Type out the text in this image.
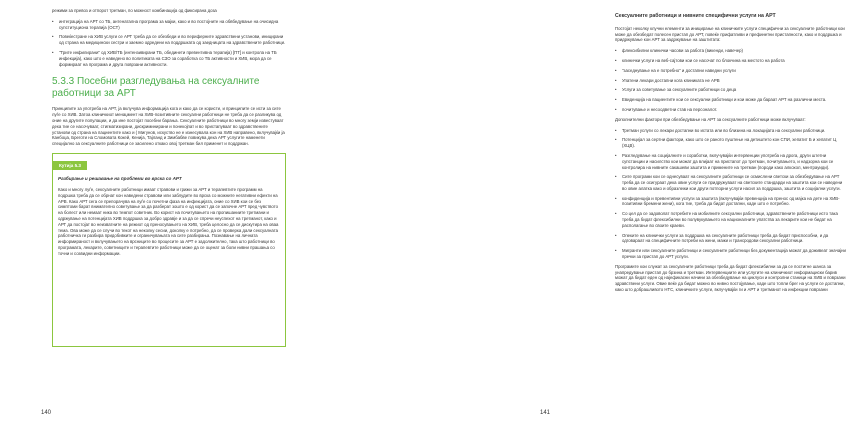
режими за превоз и отпорот третман, по можност комбинација од фиксирана доза

• интеграција на АРТ со ТБ, антенатална програма за мајки, како и во постојните на обвбедување на очисидна супституциона терапија (ОСТ)
• Повеќестране на ХИВ услуги се АРТ треба да се обезбеди и во периферните здравствени установи, иницирани од страна на медицински сестри и заемно одредени на поддршката од заедницата на здравствените работници.
• "Трите инфилирани" од ХИВ/ТБ (интензивирани ТБ, обединети превентивна терапија) [ПТ] и контрола на ТБ инфекција), како што е наведено во политиката на СЗО за соработка со ТБ активности и ХИВ, мора да се формираат на програма и друга поврзани активности.
5.3.3 Посебни разгледувања на сексуалните работници за АРТ

Принципите за употреба на АРТ, ја вклучува информација кога и како да се користи, и принципите се исти за сите луѓе со ХИВ. Затоа клиничкиот менаџмент на ХИВ-позитивните сексуални работници не треба да се разликува од оние на другите популации, и да ине постојат посебни барања. Сексуалните работници во многу земји известуваат дека тие се насочуваат, стигматизирани, дискриминирани и понекојпат и во пристапуваат во здравствените установи од страна на пациентите како и ( Мигунов, искуство не е изнесувала кон на ХИВ направено, вклучувајќи ја Канбоџа, Бреготи на Сломовата Кокей, Кенија, Тајланд и Зимбабве повикува дека АРТ услугите наменети специјално за сексуалните работници се засилено откако овој третман бил применет и поддржан.

Кутија 5.3
Разбирање и решавање на проблеми во врска со АРТ

Како и многу луѓе, сексуалните работници имаат стравови и грижи за АРТ и терапевтите программ на подршка треба да се обрнат кон наведени стравови или заблудите во врска со можните негативни ефекти на АРВ. Како АРТ сега се препорачува на луѓе со почетни фаза на инфекцијата, оние со ХИВ кои се без симптоми барат внимателно советување за да разберат зошто е од корист да се започне АРТ пред чувството на болест или немаат ника во темпот советник. Во корист на почитувањето на пропишаниите третмани и одржување на потенцијата ХИВ поддршка за добро здравје и за да се спречи неуспехот на третманот, како и АРТ да постојат во неизватните на режиот од преносувањето на ХИВ, треба целосно да се дискутира на оваа тема. Ова може да се случи во текот на неколку сесии, доколку е потребно, да се проверка дали сексуалната работничка ги разбира придобивките и ограничувањата на сите разбирања. Познавање на личната информираност и вклучувањето на врсниците во процесите за АРТ е задолжително, така што работници во програмата, лекарите, советниците и терапевтите работници може да се оценат за боли нивни прашања со точни и созвидни информации.

140
Сексуалните работници и нивните специфични услуги на АРТ

Постојат неколку клучни елементи за иницирање на клиничките услуги специфични за сексуалните работници кои може да обезбедат полесен пристап до АРТ, повеќе прифатливи и префинетни пристапности, како и поддршка и придржување кон АРТ за задржување на заштитата:

• флексибилни клинички часови за работа (викенди, навечер)
• клинички услуги на веб-сајтови кои се насочат по блокчина на местото на работа
• "заседнување на е потребно" и достапни наведни услуги
• Упатени лекари достапни кога клиниката не АРВ
• Услуги за советување за сексуалните работници со деца
• Евиденција на пациентите кои се сексуални работници и кои може да бараат АРТ на различни места.
• почитување и несоодветни став на персоналот.

Дополнителни фактори при обезбедување на АРТ за сексуалните работници може вклучуваат:

• Третман услуги со лекари достапни во истата или во близина на локацијата на сексуални работници.
• Потенцијал за сертни фактори, како што се раното пуштење на детиштето кон СПИ, хепатит Б и хепатит Ц (ХЦВ).
• Разгледување на социјалните и соработки, вклучувајќи интервенции употреба на дрога, други штетни супстанции и насилство кои можат да влијаат на пристапот до третман, почитувањето, и надзорна кои се контролира на нивните сакашеви заштита и примените на третман (породи како алкохол, ментрауиди).
• Сите програми кои се однесуваат на сексуалните работници се осмислени светски за обезбедување на АРТ треба да се осигураат дека овие услуги се придружуваат на светските стандарди на заштита кои се наведени во овие алатка како и образлежи кои други потпорни услуги насил за поддршка, заштита и социјални услуги.
• конфиденција и превентивни услуги за заштита (вклучувајќи превенција на пренос од мајка на дете на ХИВ-позитивни бремени жени), кога тие, треба да бидат достапни, каде што е потребно.
• Со цел да се задоволат потребите на мобилните сексуални работници, здравствените работници исто така треба да бидат флексибилни во полувукувањето на националните упатства за лекарите кои не бидат на располагање во своите краеви.
• Опеките на клинички услуги за поддршка на сексуалните работници треба да бидат приспособни, и да одговараат на специфичните потреби на жени, мажи и трансродови сексуални работници.
• Мигранти или сексуалните работници и сексуалните работници без документација можат да доживеат значајни пречки за пристап до АРТ услуги.

Програмите кои служат за сексуалните работници треба да бидат флексибилни за да се постигне шанса за унапредување пристап до брзина и третман. Интервенциите или услугите на клиничкиот информациски барив можат да бидат еден од најефикасни начини за обезбедување на циклуси и контролни станици на ХИВ и поврзани здравствени услуги. Овие веќе да бидат можно во нивно постојување, каде што топли брег на услуги се достапни, како што добрашливото НТС, клиничките услуги, вклучувајќи ги и АРТ и третманот на инфекции поврзани

141
